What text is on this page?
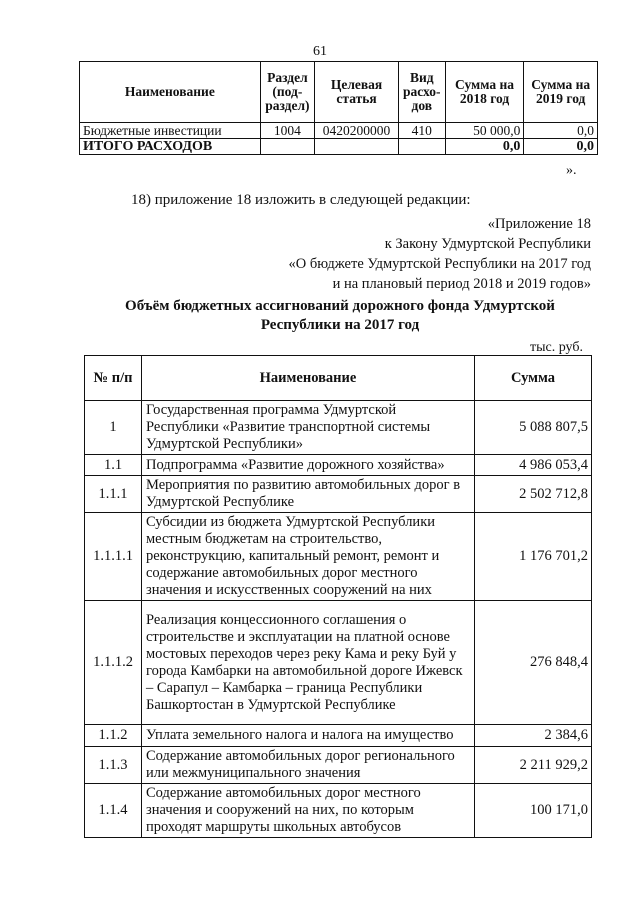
61
Наименование	Раздел (под-раздел)	Целевая статья	Вид расхо-дов	Сумма на 2018 год	Сумма на 2019 год
Бюджетные инвестиции	1004	0420200000	410	50 000,0	0,0
ИТОГО РАСХОДОВ				0,0	0,0
».
18) приложение 18 изложить в следующей редакции:
«Приложение 18
к Закону Удмуртской Республики
«О бюджете Удмуртской Республики на 2017 год
и на плановый период 2018 и 2019 годов»
Объём бюджетных ассигнований дорожного фонда Удмуртской
Республики на 2017 год
тыс. руб.
№ п/п	Наименование	Сумма
1	Государственная программа Удмуртской Республики «Развитие транспортной системы Удмуртской Республики»	5 088 807,5
1.1	Подпрограмма «Развитие дорожного хозяйства»	4 986 053,4
1.1.1	Мероприятия по развитию автомобильных дорог в Удмуртской Республике	2 502 712,8
1.1.1.1	Субсидии из бюджета Удмуртской Республики местным бюджетам на строительство, реконструкцию, капитальный ремонт, ремонт и содержание автомобильных дорог местного значения и искусственных сооружений на них	1 176 701,2
1.1.1.2	Реализация концессионного соглашения о строительстве и эксплуатации на платной основе мостовых переходов через реку Кама и реку Буй у города Камбарки на автомобильной дороге Ижевск – Сарапул – Камбарка – граница Республики Башкортостан в Удмуртской Республике	276 848,4
1.1.2	Уплата земельного налога и налога на имущество	2 384,6
1.1.3	Содержание автомобильных дорог регионального или межмуниципального значения	2 211 929,2
1.1.4	Содержание автомобильных дорог местного значения и сооружений на них, по которым проходят маршруты школьных автобусов	100 171,0
